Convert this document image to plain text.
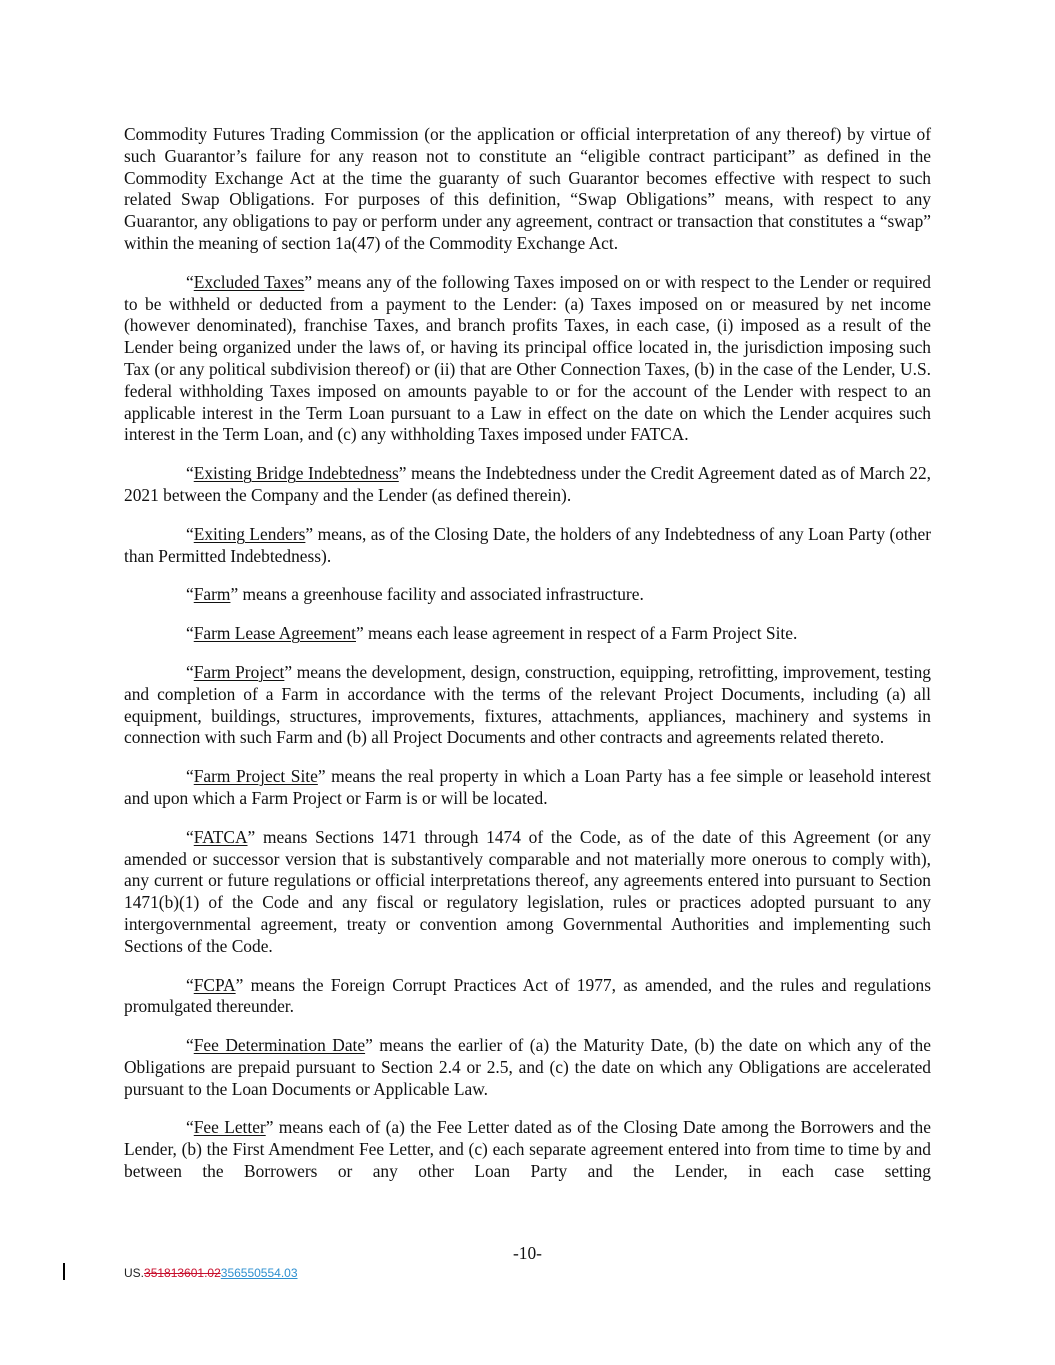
Commodity Futures Trading Commission (or the application or official interpretation of any thereof) by virtue of such Guarantor’s failure for any reason not to constitute an “eligible contract participant” as defined in the Commodity Exchange Act at the time the guaranty of such Guarantor becomes effective with respect to such related Swap Obligations. For purposes of this definition, “Swap Obligations” means, with respect to any Guarantor, any obligations to pay or perform under any agreement, contract or transaction that constitutes a “swap” within the meaning of section 1a(47) of the Commodity Exchange Act.

“Excluded Taxes” means any of the following Taxes imposed on or with respect to the Lender or required to be withheld or deducted from a payment to the Lender: (a) Taxes imposed on or measured by net income (however denominated), franchise Taxes, and branch profits Taxes, in each case, (i) imposed as a result of the Lender being organized under the laws of, or having its principal office located in, the jurisdiction imposing such Tax (or any political subdivision thereof) or (ii) that are Other Connection Taxes, (b) in the case of the Lender, U.S. federal withholding Taxes imposed on amounts payable to or for the account of the Lender with respect to an applicable interest in the Term Loan pursuant to a Law in effect on the date on which the Lender acquires such interest in the Term Loan, and (c) any withholding Taxes imposed under FATCA.

“Existing Bridge Indebtedness” means the Indebtedness under the Credit Agreement dated as of March 22, 2021 between the Company and the Lender (as defined therein).

“Exiting Lenders” means, as of the Closing Date, the holders of any Indebtedness of any Loan Party (other than Permitted Indebtedness).

“Farm” means a greenhouse facility and associated infrastructure.

“Farm Lease Agreement” means each lease agreement in respect of a Farm Project Site.

“Farm Project” means the development, design, construction, equipping, retrofitting, improvement, testing and completion of a Farm in accordance with the terms of the relevant Project Documents, including (a) all equipment, buildings, structures, improvements, fixtures, attachments, appliances, machinery and systems in connection with such Farm and (b) all Project Documents and other contracts and agreements related thereto.

“Farm Project Site” means the real property in which a Loan Party has a fee simple or leasehold interest and upon which a Farm Project or Farm is or will be located.

“FATCA” means Sections 1471 through 1474 of the Code, as of the date of this Agreement (or any amended or successor version that is substantively comparable and not materially more onerous to comply with), any current or future regulations or official interpretations thereof, any agreements entered into pursuant to Section 1471(b)(1) of the Code and any fiscal or regulatory legislation, rules or practices adopted pursuant to any intergovernmental agreement, treaty or convention among Governmental Authorities and implementing such Sections of the Code.

“FCPA” means the Foreign Corrupt Practices Act of 1977, as amended, and the rules and regulations promulgated thereunder.

“Fee Determination Date” means the earlier of (a) the Maturity Date, (b) the date on which any of the Obligations are prepaid pursuant to Section 2.4 or 2.5, and (c) the date on which any Obligations are accelerated pursuant to the Loan Documents or Applicable Law.

“Fee Letter” means each of (a) the Fee Letter dated as of the Closing Date among the Borrowers and the Lender, (b) the First Amendment Fee Letter, and (c) each separate agreement entered into from time to time by and between the Borrowers or any other Loan Party and the Lender, in each case setting

-10-
US.351813601.02356550554.03
